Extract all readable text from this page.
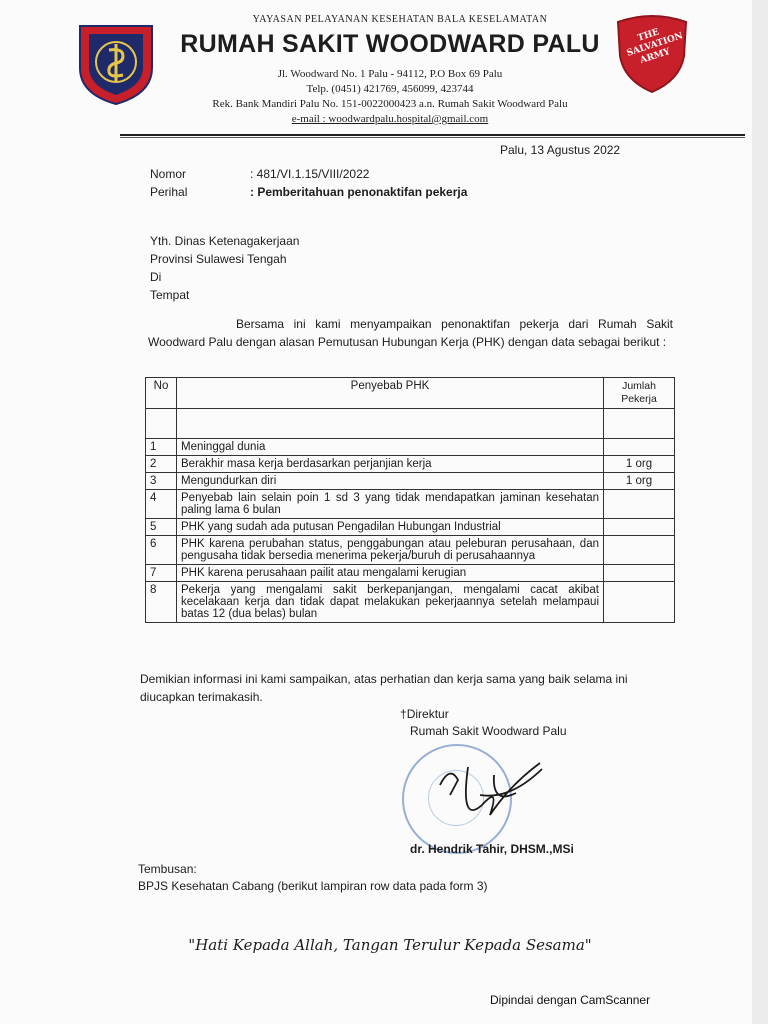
THE SALVATION ARMY
YAYASAN PELAYANAN KESEHATAN BALA KESELAMATAN
RUMAH SAKIT WOODWARD PALU
Jl. Woodward No. 1 Palu - 94112, P.O Box 69 Palu
Telp. (0451) 421769, 456099, 423744
Rek. Bank Mandiri Palu No. 151-0022000423 a.n. Rumah Sakit Woodward Palu
e-mail : woodwardpalu.hospital@gmail.com
Palu, 13 Agustus 2022
Nomor	: 481/VI.1.15/VIII/2022
Perihal	: Pemberitahuan penonaktifan pekerja
Yth. Dinas Ketenagakerjaan
Provinsi Sulawesi Tengah
Di
Tempat
Bersama ini kami menyampaikan penonaktifan pekerja dari Rumah Sakit Woodward Palu dengan alasan Pemutusan Hubungan Kerja (PHK) dengan data sebagai berikut :
No	Penyebab PHK	Jumlah
Pekerja

1	Meninggal dunia	
2	Berakhir masa kerja berdasarkan perjanjian kerja	1 org
3	Mengundurkan diri	1 org
4	Penyebab lain selain poin 1 sd 3 yang tidak mendapatkan jaminan kesehatan paling lama 6 bulan	
5	PHK yang sudah ada putusan Pengadilan Hubungan Industrial	
6	PHK karena perubahan status, penggabungan atau peleburan perusahaan, dan pengusaha tidak bersedia menerima pekerja/buruh di perusahaannya	
7	PHK karena perusahaan pailit atau mengalami kerugian	
8	Pekerja yang mengalami sakit berkepanjangan, mengalami cacat akibat kecelakaan kerja dan tidak dapat melakukan pekerjaannya setelah melampaui batas 12 (dua belas) bulan	
Demikian informasi ini kami sampaikan, atas perhatian dan kerja sama yang baik selama ini diucapkan terimakasih.
†Direktur
Rumah Sakit Woodward Palu
dr. Hendrik Tahir, DHSM.,MSi
Tembusan:
BPJS Kesehatan Cabang (berikut lampiran row data pada form 3)
"Hati Kepada Allah, Tangan Terulur Kepada Sesama"
Dipindai dengan CamScanner
